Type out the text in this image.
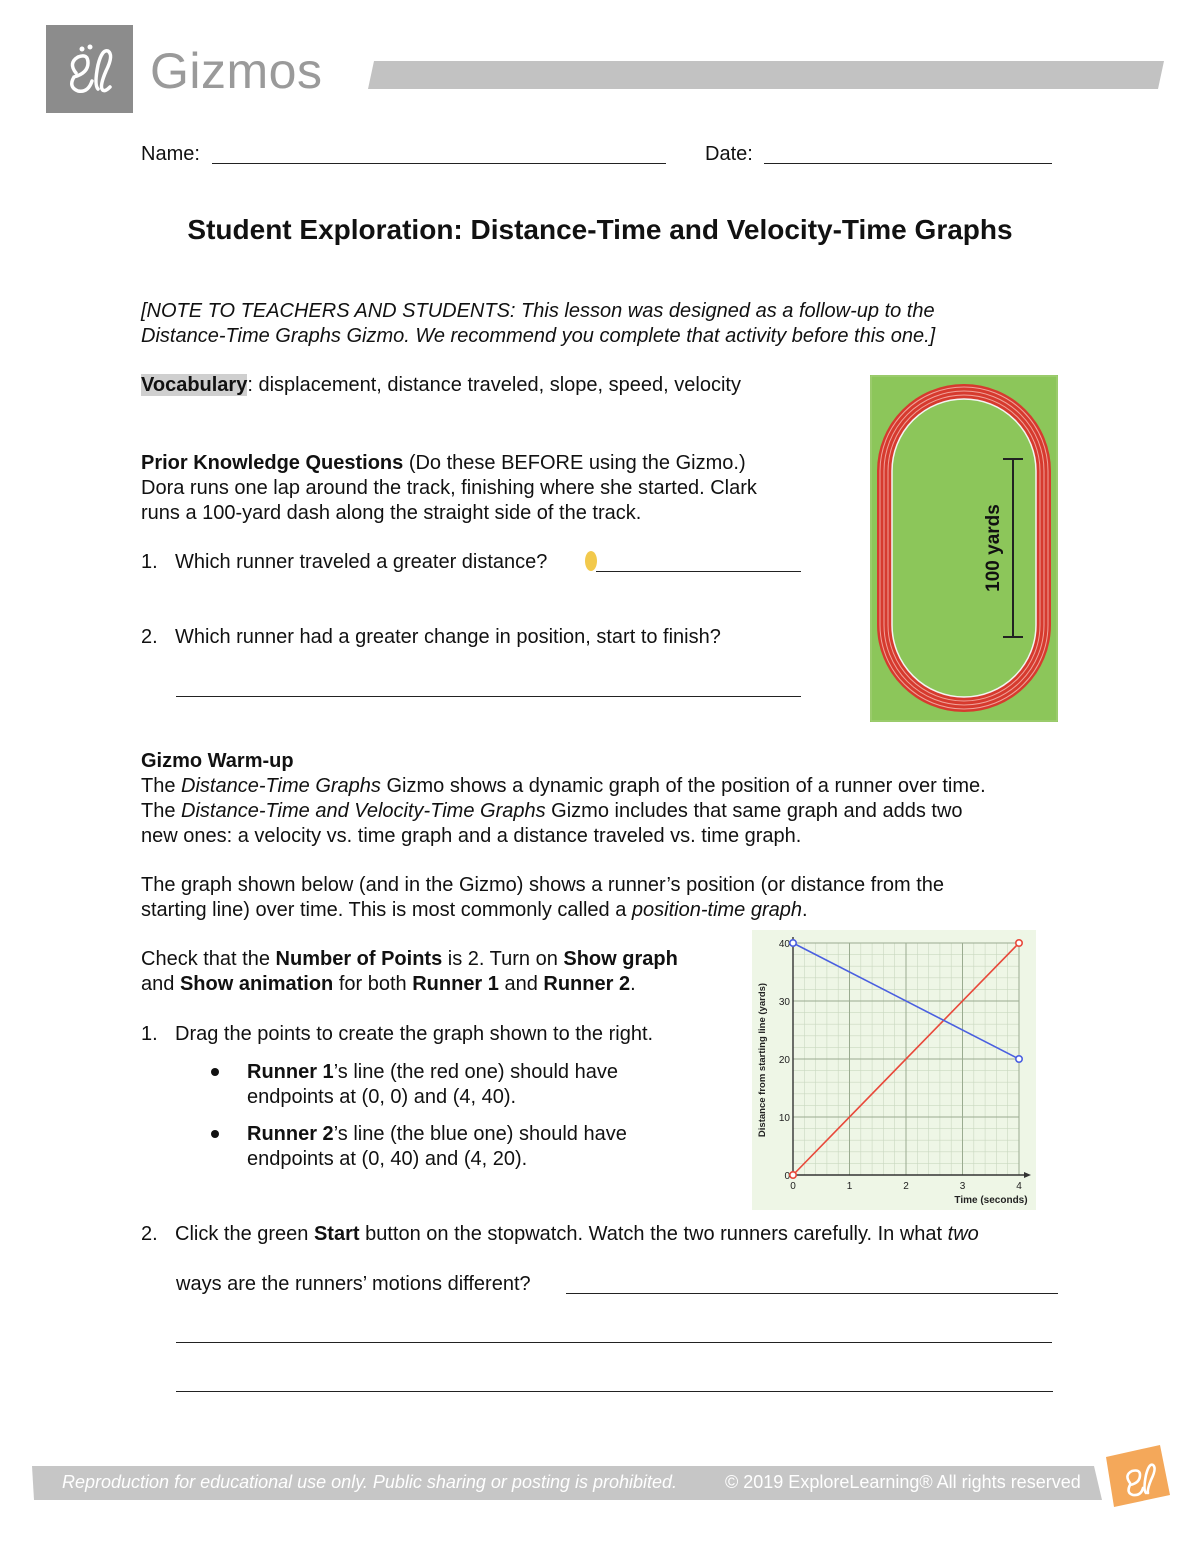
Gizmos
Name:	Date:
Student Exploration: Distance-Time and Velocity-Time Graphs
[NOTE TO TEACHERS AND STUDENTS: This lesson was designed as a follow-up to the
Distance-Time Graphs Gizmo. We recommend you complete that activity before this one.]
Vocabulary: displacement, distance traveled, slope, speed, velocity
Prior Knowledge Questions (Do these BEFORE using the Gizmo.)
Dora runs one lap around the track, finishing where she started. Clark
runs a 100-yard dash along the straight side of the track.
1. Which runner traveled a greater distance?
2. Which runner had a greater change in position, start to finish?
100 yards
Gizmo Warm-up
The Distance-Time Graphs Gizmo shows a dynamic graph of the position of a runner over time.
The Distance-Time and Velocity-Time Graphs Gizmo includes that same graph and adds two
new ones: a velocity vs. time graph and a distance traveled vs. time graph.
The graph shown below (and in the Gizmo) shows a runner’s position (or distance from the
starting line) over time. This is most commonly called a position-time graph.
Check that the Number of Points is 2. Turn on Show graph
and Show animation for both Runner 1 and Runner 2.
1. Drag the points to create the graph shown to the right.
Runner 1’s line (the red one) should have
endpoints at (0, 0) and (4, 40).
Runner 2’s line (the blue one) should have
endpoints at (0, 40) and (4, 20).
0	1	2	3	4
0
10
20
30
40
Time (seconds)
Distance from starting line (yards)
2. Click the green Start button on the stopwatch. Watch the two runners carefully. In what two
ways are the runners’ motions different?
Reproduction for educational use only. Public sharing or posting is prohibited.	© 2019 ExploreLearning® All rights reserved
